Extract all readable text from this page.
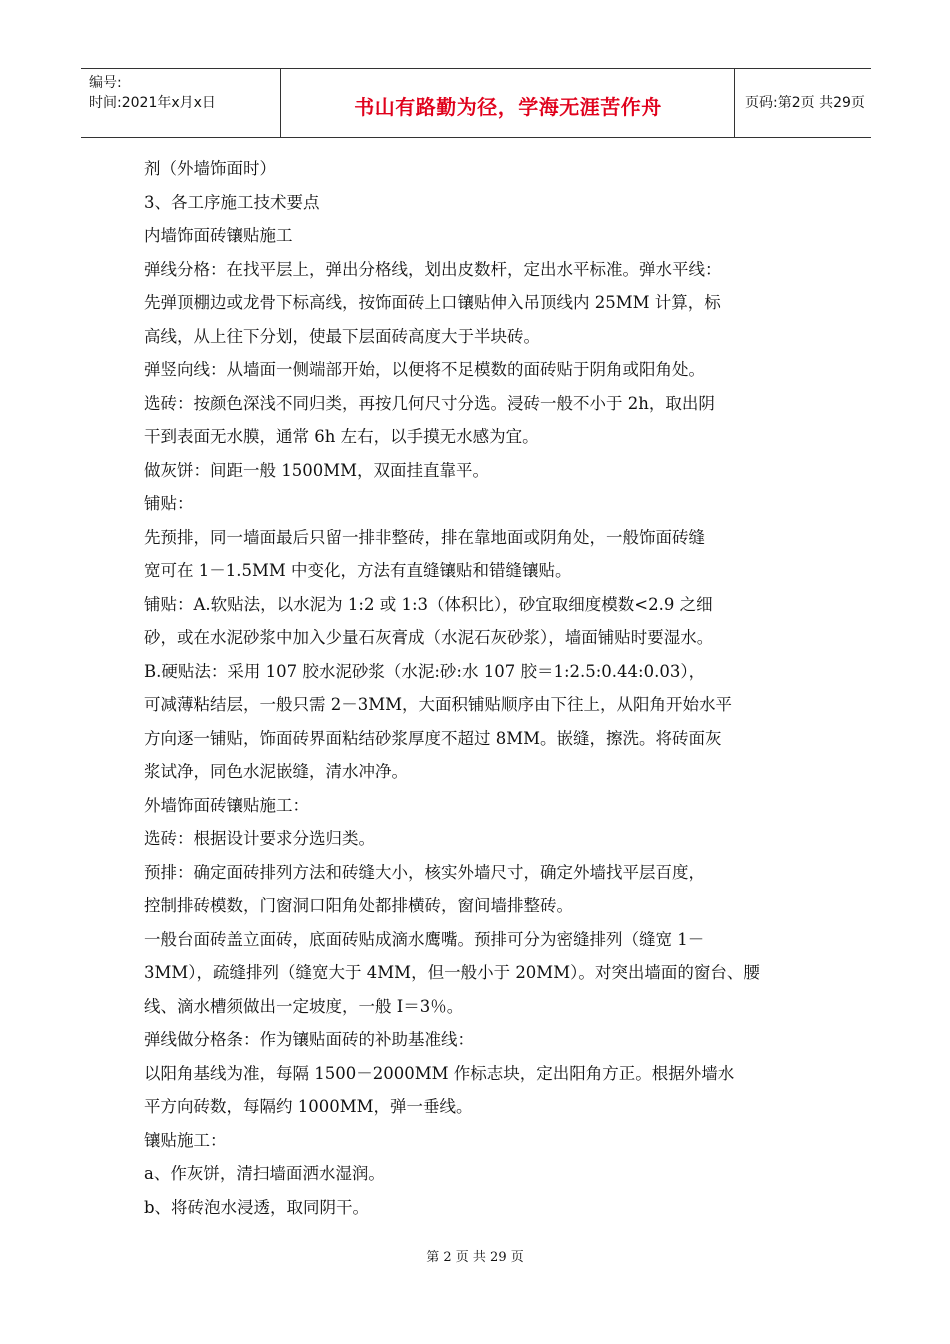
编号:
时间:2021年x月x日	书山有路勤为径，学海无涯苦作舟	页码:第2页 共29页
剂（外墙饰面时）
3、各工序施工技术要点
内墙饰面砖镶贴施工
弹线分格：在找平层上，弹出分格线，划出皮数杆，定出水平标准。弹水平线：
先弹顶棚边或龙骨下标高线，按饰面砖上口镶贴伸入吊顶线内 25MM 计算，标
高线，从上往下分划，使最下层面砖高度大于半块砖。
弹竖向线：从墙面一侧端部开始，以便将不足模数的面砖贴于阴角或阳角处。
选砖：按颜色深浅不同归类，再按几何尺寸分选。浸砖一般不小于 2h，取出阴
干到表面无水膜，通常 6h 左右，以手摸无水感为宜。
做灰饼：间距一般 1500MM，双面挂直靠平。
铺贴：
先预排，同一墙面最后只留一排非整砖，排在靠地面或阴角处，一般饰面砖缝
宽可在 1－1.5MM 中变化，方法有直缝镶贴和错缝镶贴。
铺贴：A.软贴法，以水泥为 1:2 或 1:3（体积比），砂宜取细度模数<2.9 之细
砂，或在水泥砂浆中加入少量石灰膏成（水泥石灰砂浆），墙面铺贴时要湿水。
B.硬贴法：采用 107 胶水泥砂浆（水泥:砂:水 107 胶＝1:2.5:0.44:0.03），
可减薄粘结层，一般只需 2－3MM，大面积铺贴顺序由下往上，从阳角开始水平
方向逐一铺贴，饰面砖界面粘结砂浆厚度不超过 8MM。嵌缝，擦洗。将砖面灰
浆试净，同色水泥嵌缝，清水冲净。
外墙饰面砖镶贴施工：
选砖：根据设计要求分选归类。
预排：确定面砖排列方法和砖缝大小，核实外墙尺寸，确定外墙找平层百度，
控制排砖模数，门窗洞口阳角处都排横砖，窗间墙排整砖。
一般台面砖盖立面砖，底面砖贴成滴水鹰嘴。预排可分为密缝排列（缝宽 1－
3MM），疏缝排列（缝宽大于 4MM，但一般小于 20MM）。对突出墙面的窗台、腰
线、滴水槽须做出一定坡度，一般 I＝3％。
弹线做分格条：作为镶贴面砖的补助基准线：
以阳角基线为准，每隔 1500－2000MM 作标志块，定出阳角方正。根据外墙水
平方向砖数，每隔约 1000MM，弹一垂线。
镶贴施工：
a、作灰饼，清扫墙面洒水湿润。
b、将砖泡水浸透，取同阴干。
第 2 页 共 29 页
